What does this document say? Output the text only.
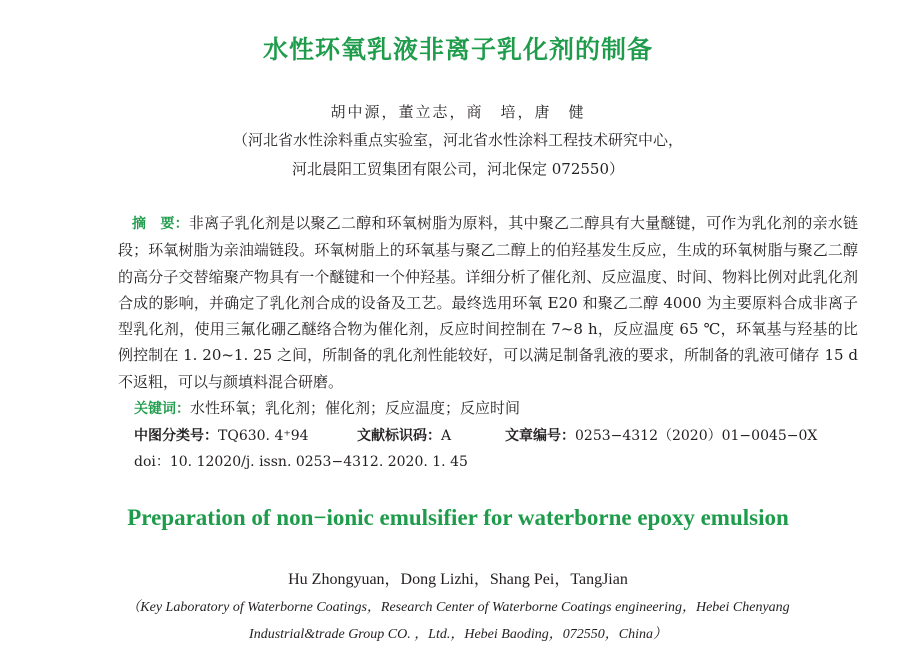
水性环氧乳液非离子乳化剂的制备
胡中源，董立志，商　培，唐　健
（河北省水性涂料重点实验室，河北省水性涂料工程技术研究中心，
河北晨阳工贸集团有限公司，河北保定 072550）
摘　要：非离子乳化剂是以聚乙二醇和环氧树脂为原料，其中聚乙二醇具有大量醚键，可作为乳化剂的亲水链段；环氧树脂为亲油端链段。环氧树脂上的环氧基与聚乙二醇上的伯羟基发生反应，生成的环氧树脂与聚乙二醇的高分子交替缩聚产物具有一个醚键和一个仲羟基。详细分析了催化剂、反应温度、时间、物料比例对此乳化剂合成的影响，并确定了乳化剂合成的设备及工艺。最终选用环氧 E20 和聚乙二醇 4000 为主要原料合成非离子型乳化剂，使用三氟化硼乙醚络合物为催化剂，反应时间控制在 7~8 h，反应温度 65 ℃，环氧基与羟基的比例控制在 1. 20~1. 25 之间，所制备的乳化剂性能较好，可以满足制备乳液的要求，所制备的乳液可储存 15 d 不返粗，可以与颜填料混合研磨。
关键词：水性环氧；乳化剂；催化剂；反应温度；反应时间
中图分类号：TQ630. 4⁺94	文献标识码：A	文章编号：0253−4312（2020）01−0045−0X
doi：10. 12020/j. issn. 0253−4312. 2020. 1. 45
Preparation of non−ionic emulsifier for waterborne epoxy emulsion
Hu Zhongyuan，Dong Lizhi，Shang Pei，TangJian
（Key Laboratory of Waterborne Coatings，Research Center of Waterborne Coatings engineering，Hebei Chenyang
Industrial&trade Group CO. ，Ltd.，Hebei Baoding，072550，China）
